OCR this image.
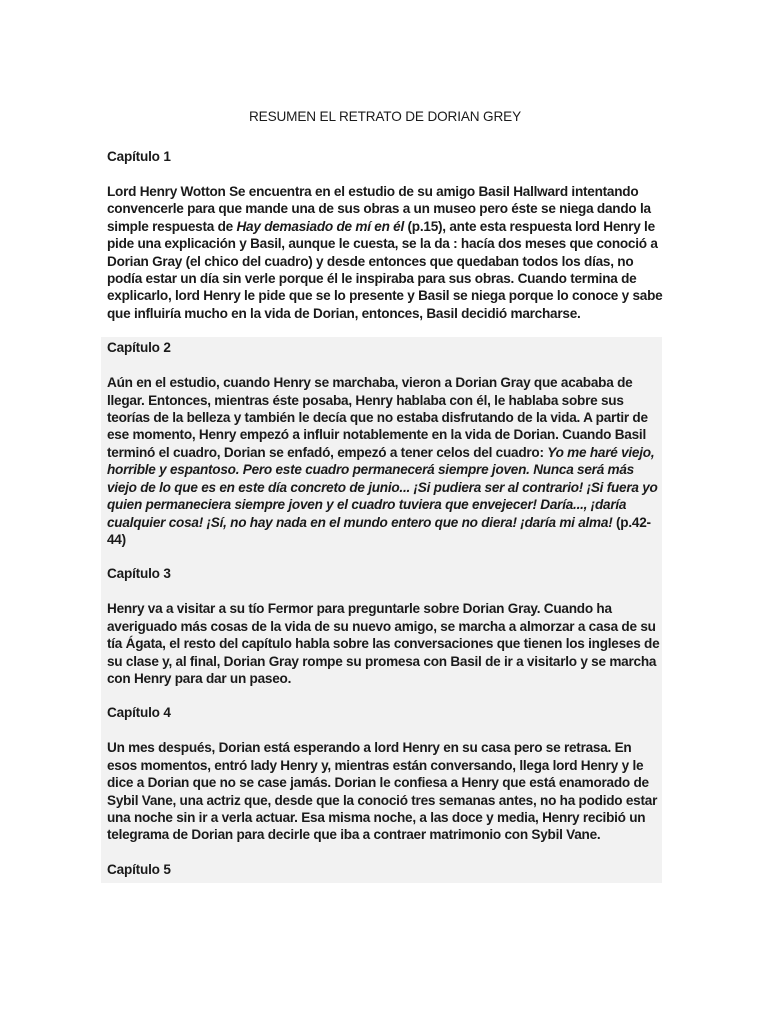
RESUMEN EL RETRATO DE DORIAN GREY
Capítulo 1

Lord Henry Wotton Se encuentra en el estudio de su amigo Basil Hallward intentando convencerle para que mande una de sus obras a un museo pero éste se niega dando la simple respuesta de Hay demasiado de mí en él (p.15), ante esta respuesta lord Henry le pide una explicación y Basil, aunque le cuesta, se la da : hacía dos meses que conoció a Dorian Gray (el chico del cuadro) y desde entonces que quedaban todos los días, no podía estar un día sin verle porque él le inspiraba para sus obras. Cuando termina de explicarlo, lord Henry le pide que se lo presente y Basil se niega porque lo conoce y sabe que influiría mucho en la vida de Dorian, entonces, Basil decidió marcharse.

Capítulo 2

Aún en el estudio, cuando Henry se marchaba, vieron a Dorian Gray que acababa de llegar. Entonces, mientras éste posaba, Henry hablaba con él, le hablaba sobre sus teorías de la belleza y también le decía que no estaba disfrutando de la vida. A partir de ese momento, Henry empezó a influir notablemente en la vida de Dorian. Cuando Basil terminó el cuadro, Dorian se enfadó, empezó a tener celos del cuadro: Yo me haré viejo, horrible y espantoso. Pero este cuadro permanecerá siempre joven. Nunca será más viejo de lo que es en este día concreto de junio... ¡Si pudiera ser al contrario! ¡Si fuera yo quien permaneciera siempre joven y el cuadro tuviera que envejecer! Daría..., ¡daría cualquier cosa! ¡Sí, no hay nada en el mundo entero que no diera! ¡daría mi alma! (p.42-44)

Capítulo 3

Henry va a visitar a su tío Fermor para preguntarle sobre Dorian Gray. Cuando ha averiguado más cosas de la vida de su nuevo amigo, se marcha a almorzar a casa de su tía Ágata, el resto del capítulo habla sobre las conversaciones que tienen los ingleses de su clase y, al final, Dorian Gray rompe su promesa con Basil de ir a visitarlo y se marcha con Henry para dar un paseo.

Capítulo 4

Un mes después, Dorian está esperando a lord Henry en su casa pero se retrasa. En esos momentos, entró lady Henry y, mientras están conversando, llega lord Henry y le dice a Dorian que no se case jamás. Dorian le confiesa a Henry que está enamorado de Sybil Vane, una actriz que, desde que la conoció tres semanas antes, no ha podido estar una noche sin ir a verla actuar. Esa misma noche, a las doce y media, Henry recibió un telegrama de Dorian para decirle que iba a contraer matrimonio con Sybil Vane.

Capítulo 5
